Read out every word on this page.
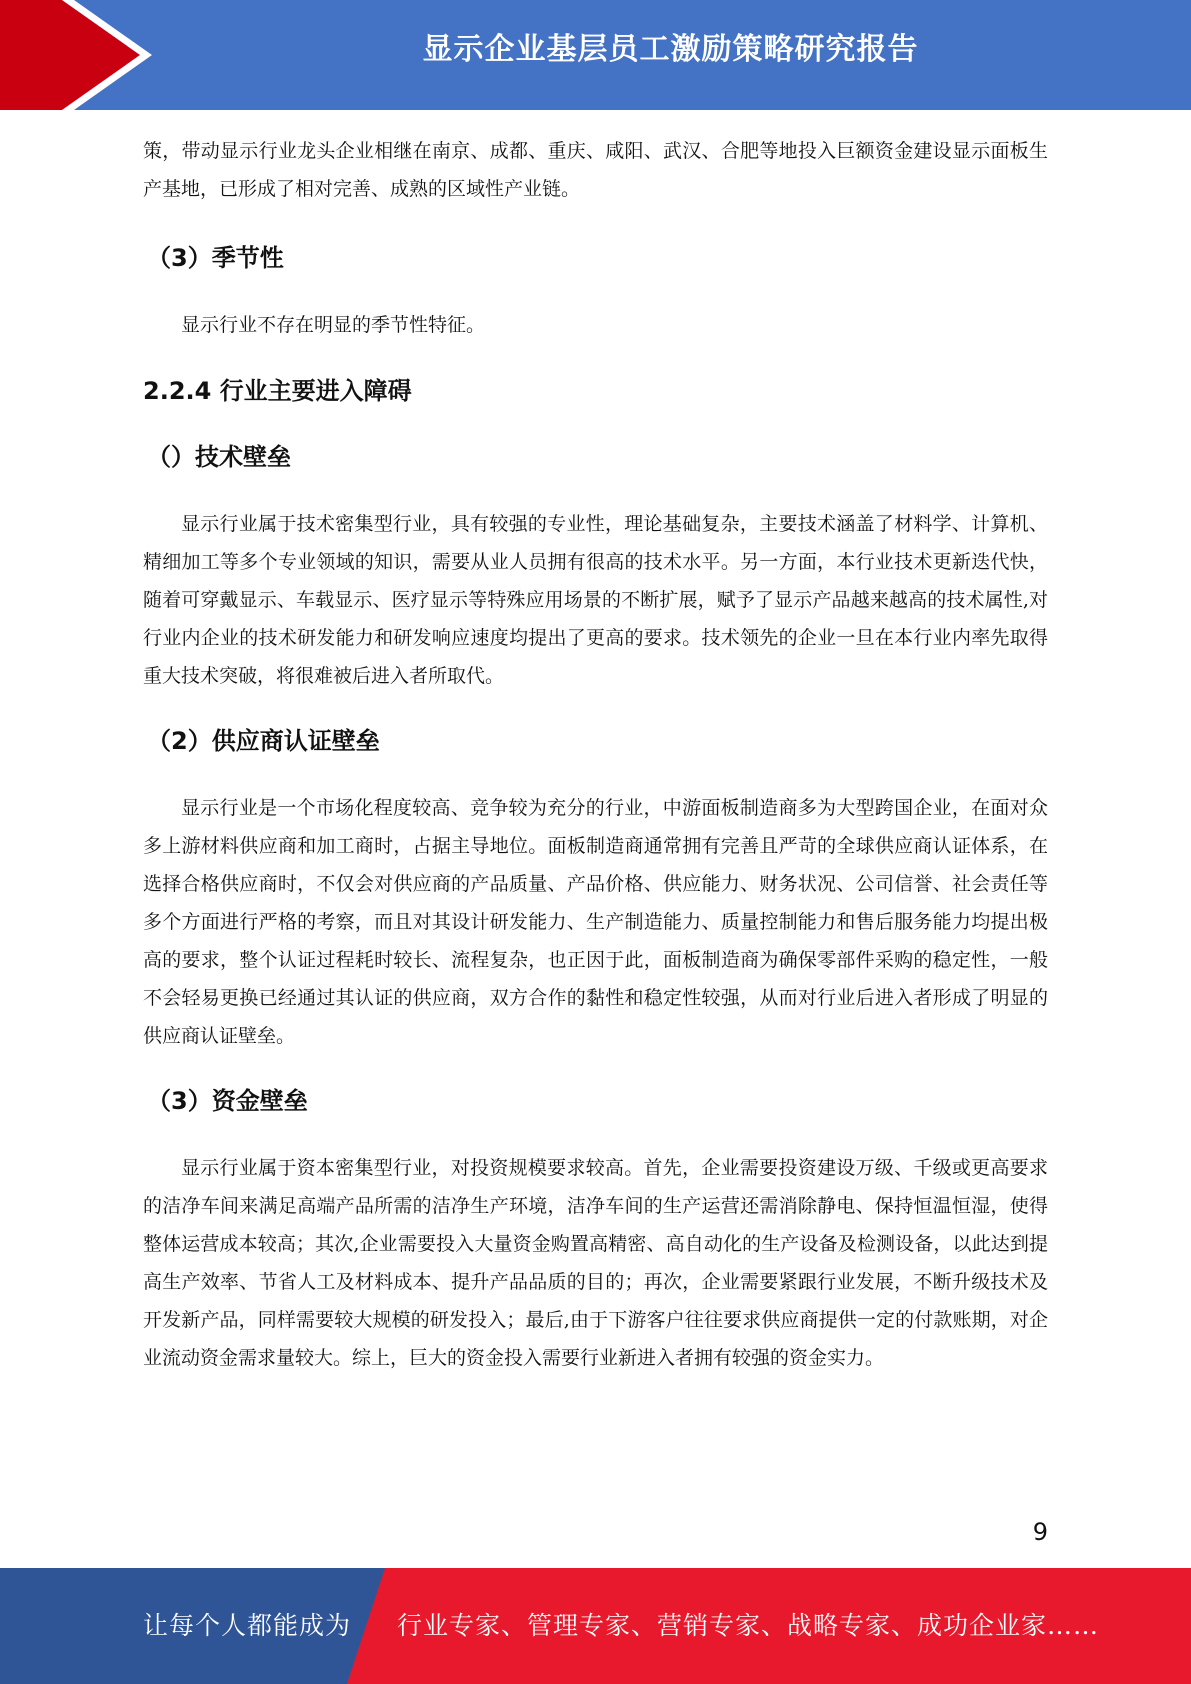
显示企业基层员工激励策略研究报告

策，带动显示行业龙头企业相继在南京、成都、重庆、咸阳、武汉、合肥等地投入巨额资金建设显示面板生产基地，已形成了相对完善、成熟的区域性产业链。

（3）季节性

显示行业不存在明显的季节性特征。

2.2.4 行业主要进入障碍
（）技术壁垒

显示行业属于技术密集型行业，具有较强的专业性，理论基础复杂，主要技术涵盖了材料学、计算机、精细加工等多个专业领域的知识，需要从业人员拥有很高的技术水平。另一方面，本行业技术更新迭代快，随着可穿戴显示、车载显示、医疗显示等特殊应用场景的不断扩展，赋予了显示产品越来越高的技术属性,对行业内企业的技术研发能力和研发响应速度均提出了更高的要求。技术领先的企业一旦在本行业内率先取得重大技术突破，将很难被后进入者所取代。

（2）供应商认证壁垒

显示行业是一个市场化程度较高、竞争较为充分的行业，中游面板制造商多为大型跨国企业，在面对众多上游材料供应商和加工商时，占据主导地位。面板制造商通常拥有完善且严苛的全球供应商认证体系，在选择合格供应商时，不仅会对供应商的产品质量、产品价格、供应能力、财务状况、公司信誉、社会责任等多个方面进行严格的考察，而且对其设计研发能力、生产制造能力、质量控制能力和售后服务能力均提出极高的要求，整个认证过程耗时较长、流程复杂，也正因于此，面板制造商为确保零部件采购的稳定性，一般不会轻易更换已经通过其认证的供应商，双方合作的黏性和稳定性较强，从而对行业后进入者形成了明显的供应商认证壁垒。

（3）资金壁垒

显示行业属于资本密集型行业，对投资规模要求较高。首先，企业需要投资建设万级、千级或更高要求的洁净车间来满足高端产品所需的洁净生产环境，洁净车间的生产运营还需消除静电、保持恒温恒湿，使得整体运营成本较高；其次,企业需要投入大量资金购置高精密、高自动化的生产设备及检测设备，以此达到提高生产效率、节省人工及材料成本、提升产品品质的目的；再次，企业需要紧跟行业发展，不断升级技术及开发新产品，同样需要较大规模的研发投入；最后,由于下游客户往往要求供应商提供一定的付款账期，对企业流动资金需求量较大。综上，巨大的资金投入需要行业新进入者拥有较强的资金实力。

9
让每个人都能成为 行业专家、管理专家、营销专家、战略专家、成功企业家……
